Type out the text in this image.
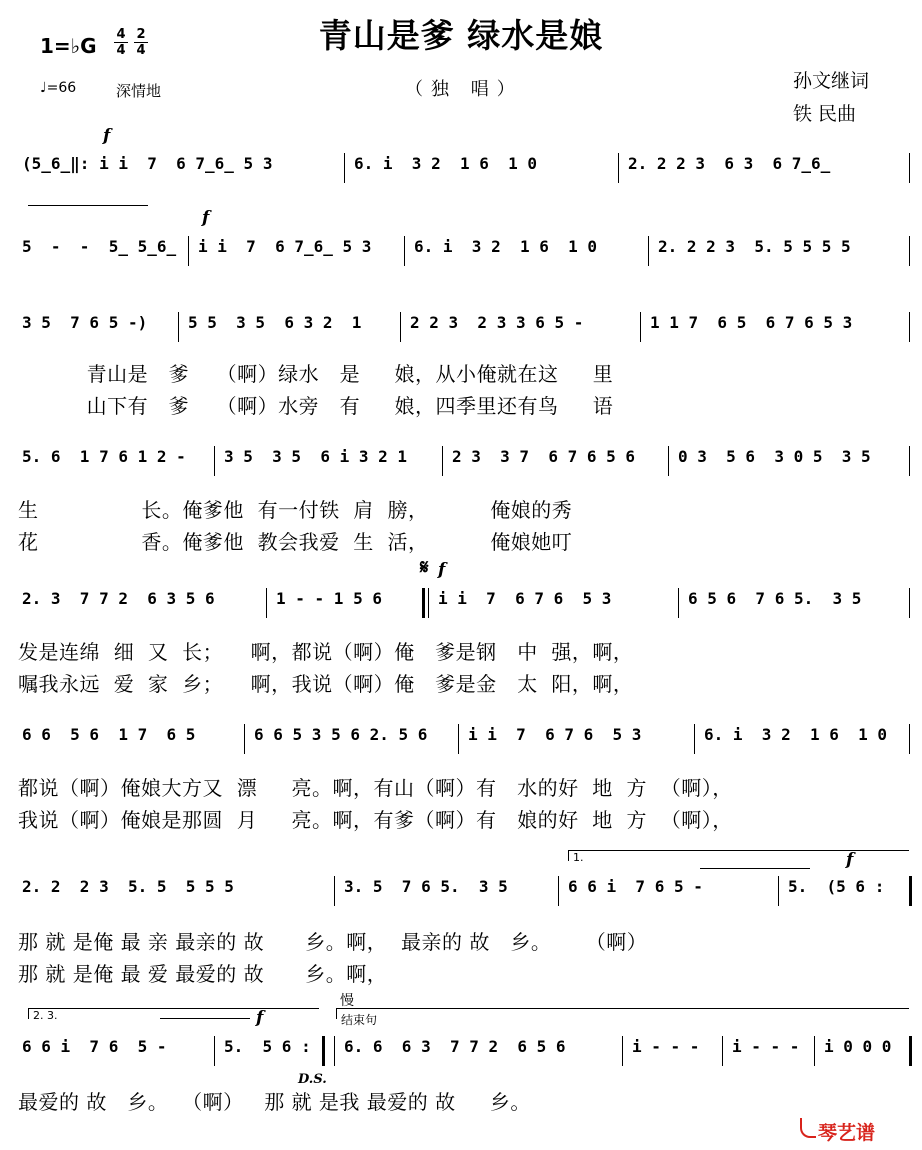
青山是爹 绿水是娘
1=♭G 4
4
2
4
♩=66	深情地	（独 唱）	孙文继词
铁 民曲
f
(5̲6̲‖: i i  7  6 7̲6̲ 5 3	6. i  3 2  1 6  1 0	2. 2 2 3  6 3  6 7̲6̲
f
5  -  -  5̲ 5̲6̲ i i  7  6 7̲6̲ 5 3	6. i  3 2  1 6  1 0	2. 2 2 3  5. 5 5 5 5
3 5  7 6 5 -)	5 5  3 5  6 3 2  1	2 2 3  2 3 3 6 5 -	1 1 7  6 5  6 7 6 5 3
青山是   爹    （啊）绿水   是     娘，从小俺就在这     里
山下有   爹    （啊）水旁   有     娘，四季里还有鸟     语
5. 6  1 7 6 1 2 - 3 5  3 5  6 i 3 2 1	2 3  3 7  6 7 6 5 6	0 3  5 6  3 0 5  3 5
生               长。俺爹他  有一付铁  肩  膀，         俺娘的秀
花               香。俺爹他  教会我爱  生  活，         俺娘她叮
𝄋 f
2. 3  7 7 2  6 3 5 6	1 - - 1 5 6	i i  7  6 7 6  5 3	6 5 6  7 6 5.  3 5
发是连绵  细  又  长；    啊，都说（啊）俺   爹是钢   中  强，啊，
嘱我永远  爱  家  乡；    啊，我说（啊）俺   爹是金   太  阳，啊，
6 6  5 6  1 7  6 5	6 6 5 3 5 6 2. 5 6	i i  7  6 7 6  5 3	6. i  3 2  1 6  1 0
都说（啊）俺娘大方又  漂     亮。啊，有山（啊）有   水的好  地  方  （啊），
我说（啊）俺娘是那圆  月     亮。啊，有爹（啊）有   娘的好  地  方  （啊），
1.	f
2. 2  2 3  5. 5  5 5 5	3. 5  7 6 5.  3 5	6 6 i  7 6 5 -	5.  (5 6 :
那 就 是俺 最 亲 最亲的 故      乡。啊，  最亲的 故   乡。     （啊）
那 就 是俺 最 爱 最爱的 故      乡。啊，
2. 3.	f
慢
结束句
6 6 i  7 6  5 -	5.  5 6 : 6. 6  6 3  7 7 2  6 5 6	i - - - i - - - i 0 0 0
D.S.
最爱的 故   乡。  （啊）   那 就 是我 最爱的 故     乡。
琴艺谱
